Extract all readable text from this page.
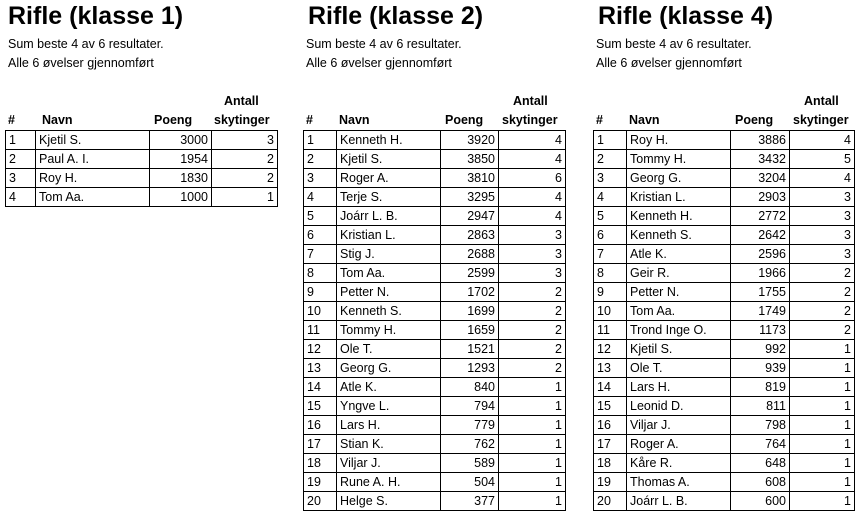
Rifle (klasse 1)
Sum beste 4 av 6 resultater.
Alle 6 øvelser gjennomført
# Navn	Poeng
Antall
skytinger
1	Kjetil S.	3000	3
2	Paul A. I.	1954	2
3	Roy H.	1830	2
4	Tom Aa.	1000	1
Rifle (klasse 2)
Sum beste 4 av 6 resultater.
Alle 6 øvelser gjennomført
# Navn	Poeng
Antall
skytinger
1	Kenneth H.	3920	4
2	Kjetil S.	3850	4
3	Roger A.	3810	6
4	Terje S.	3295	4
5	Joárr L. B.	2947	4
6	Kristian L.	2863	3
7	Stig J.	2688	3
8	Tom Aa.	2599	3
9	Petter N.	1702	2
10	Kenneth S.	1699	2
11	Tommy H.	1659	2
12	Ole T.	1521	2
13	Georg G.	1293	2
14	Atle K.	840	1
15	Yngve L.	794	1
16	Lars H.	779	1
17	Stian K.	762	1
18	Viljar J.	589	1
19	Rune A. H.	504	1
20	Helge S.	377	1
Rifle (klasse 4)
Sum beste 4 av 6 resultater.
Alle 6 øvelser gjennomført
# Navn	Poeng
Antall
skytinger
1	Roy H.	3886	4
2	Tommy H.	3432	5
3	Georg G.	3204	4
4	Kristian L.	2903	3
5	Kenneth H.	2772	3
6	Kenneth S.	2642	3
7	Atle K.	2596	3
8	Geir R.	1966	2
9	Petter N.	1755	2
10	Tom Aa.	1749	2
11	Trond Inge O.	1173	2
12	Kjetil S.	992	1
13	Ole T.	939	1
14	Lars H.	819	1
15	Leonid D.	811	1
16	Viljar J.	798	1
17	Roger A.	764	1
18	Kåre R.	648	1
19	Thomas A.	608	1
20	Joárr L. B.	600	1
